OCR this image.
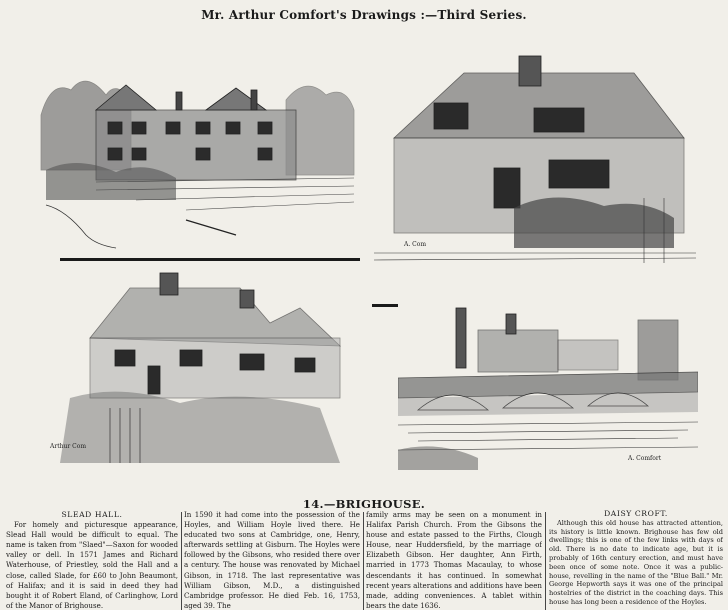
Mr. Arthur Comfort's Drawings :—Third Series.
A. Com
Arthur Com
A. Comfort
14.—BRIGHOUSE.

SLEAD HALL.

For homely and picturesque appearance, Slead Hall would be difficult to equal. The name is taken from "Slaed"—Saxon for wooded valley or dell. In 1571 James and Richard Waterhouse, of Priestley, sold the Hall and a close, called Slade, for £60 to John Beaumont, of Halifax; and it is said in deed they had bought it of Robert Eland, of Carlinghow, Lord of the Manor of Brighouse.

In 1590 it had come into the possession of the Hoyles, and William Hoyle lived there. He educated two sons at Cambridge, one, Henry, afterwards settling at Gisburn. The Hoyles were followed by the Gibsons, who resided there over a century. The house was renovated by Michael Gibson, in 1718. The last representative was William Gibson, M.D., a distinguished Cambridge professor. He died Feb. 16, 1753, aged 39. The

family arms may be seen on a monument in Halifax Parish Church. From the Gibsons the house and estate passed to the Firths, Clough House, near Huddersfield, by the marriage of Elizabeth Gibson. Her daughter, Ann Firth, married in 1773 Thomas Macaulay, to whose descendants it has continued. In somewhat recent years alterations and additions have been made, adding conveniences. A tablet within bears the date 1636.

DAISY CROFT.

Although this old house has attracted attention, its history is little known. Brighouse has few old dwellings; this is one of the few links with days of old. There is no date to indicate age, but it is probably of 16th century erection, and must have been once of some note. Once it was a public-house, revelling in the name of the "Blue Ball." Mr. George Hepworth says it was one of the principal hostelries of the district in the coaching days. This house has long been a residence of the Hoyles.
